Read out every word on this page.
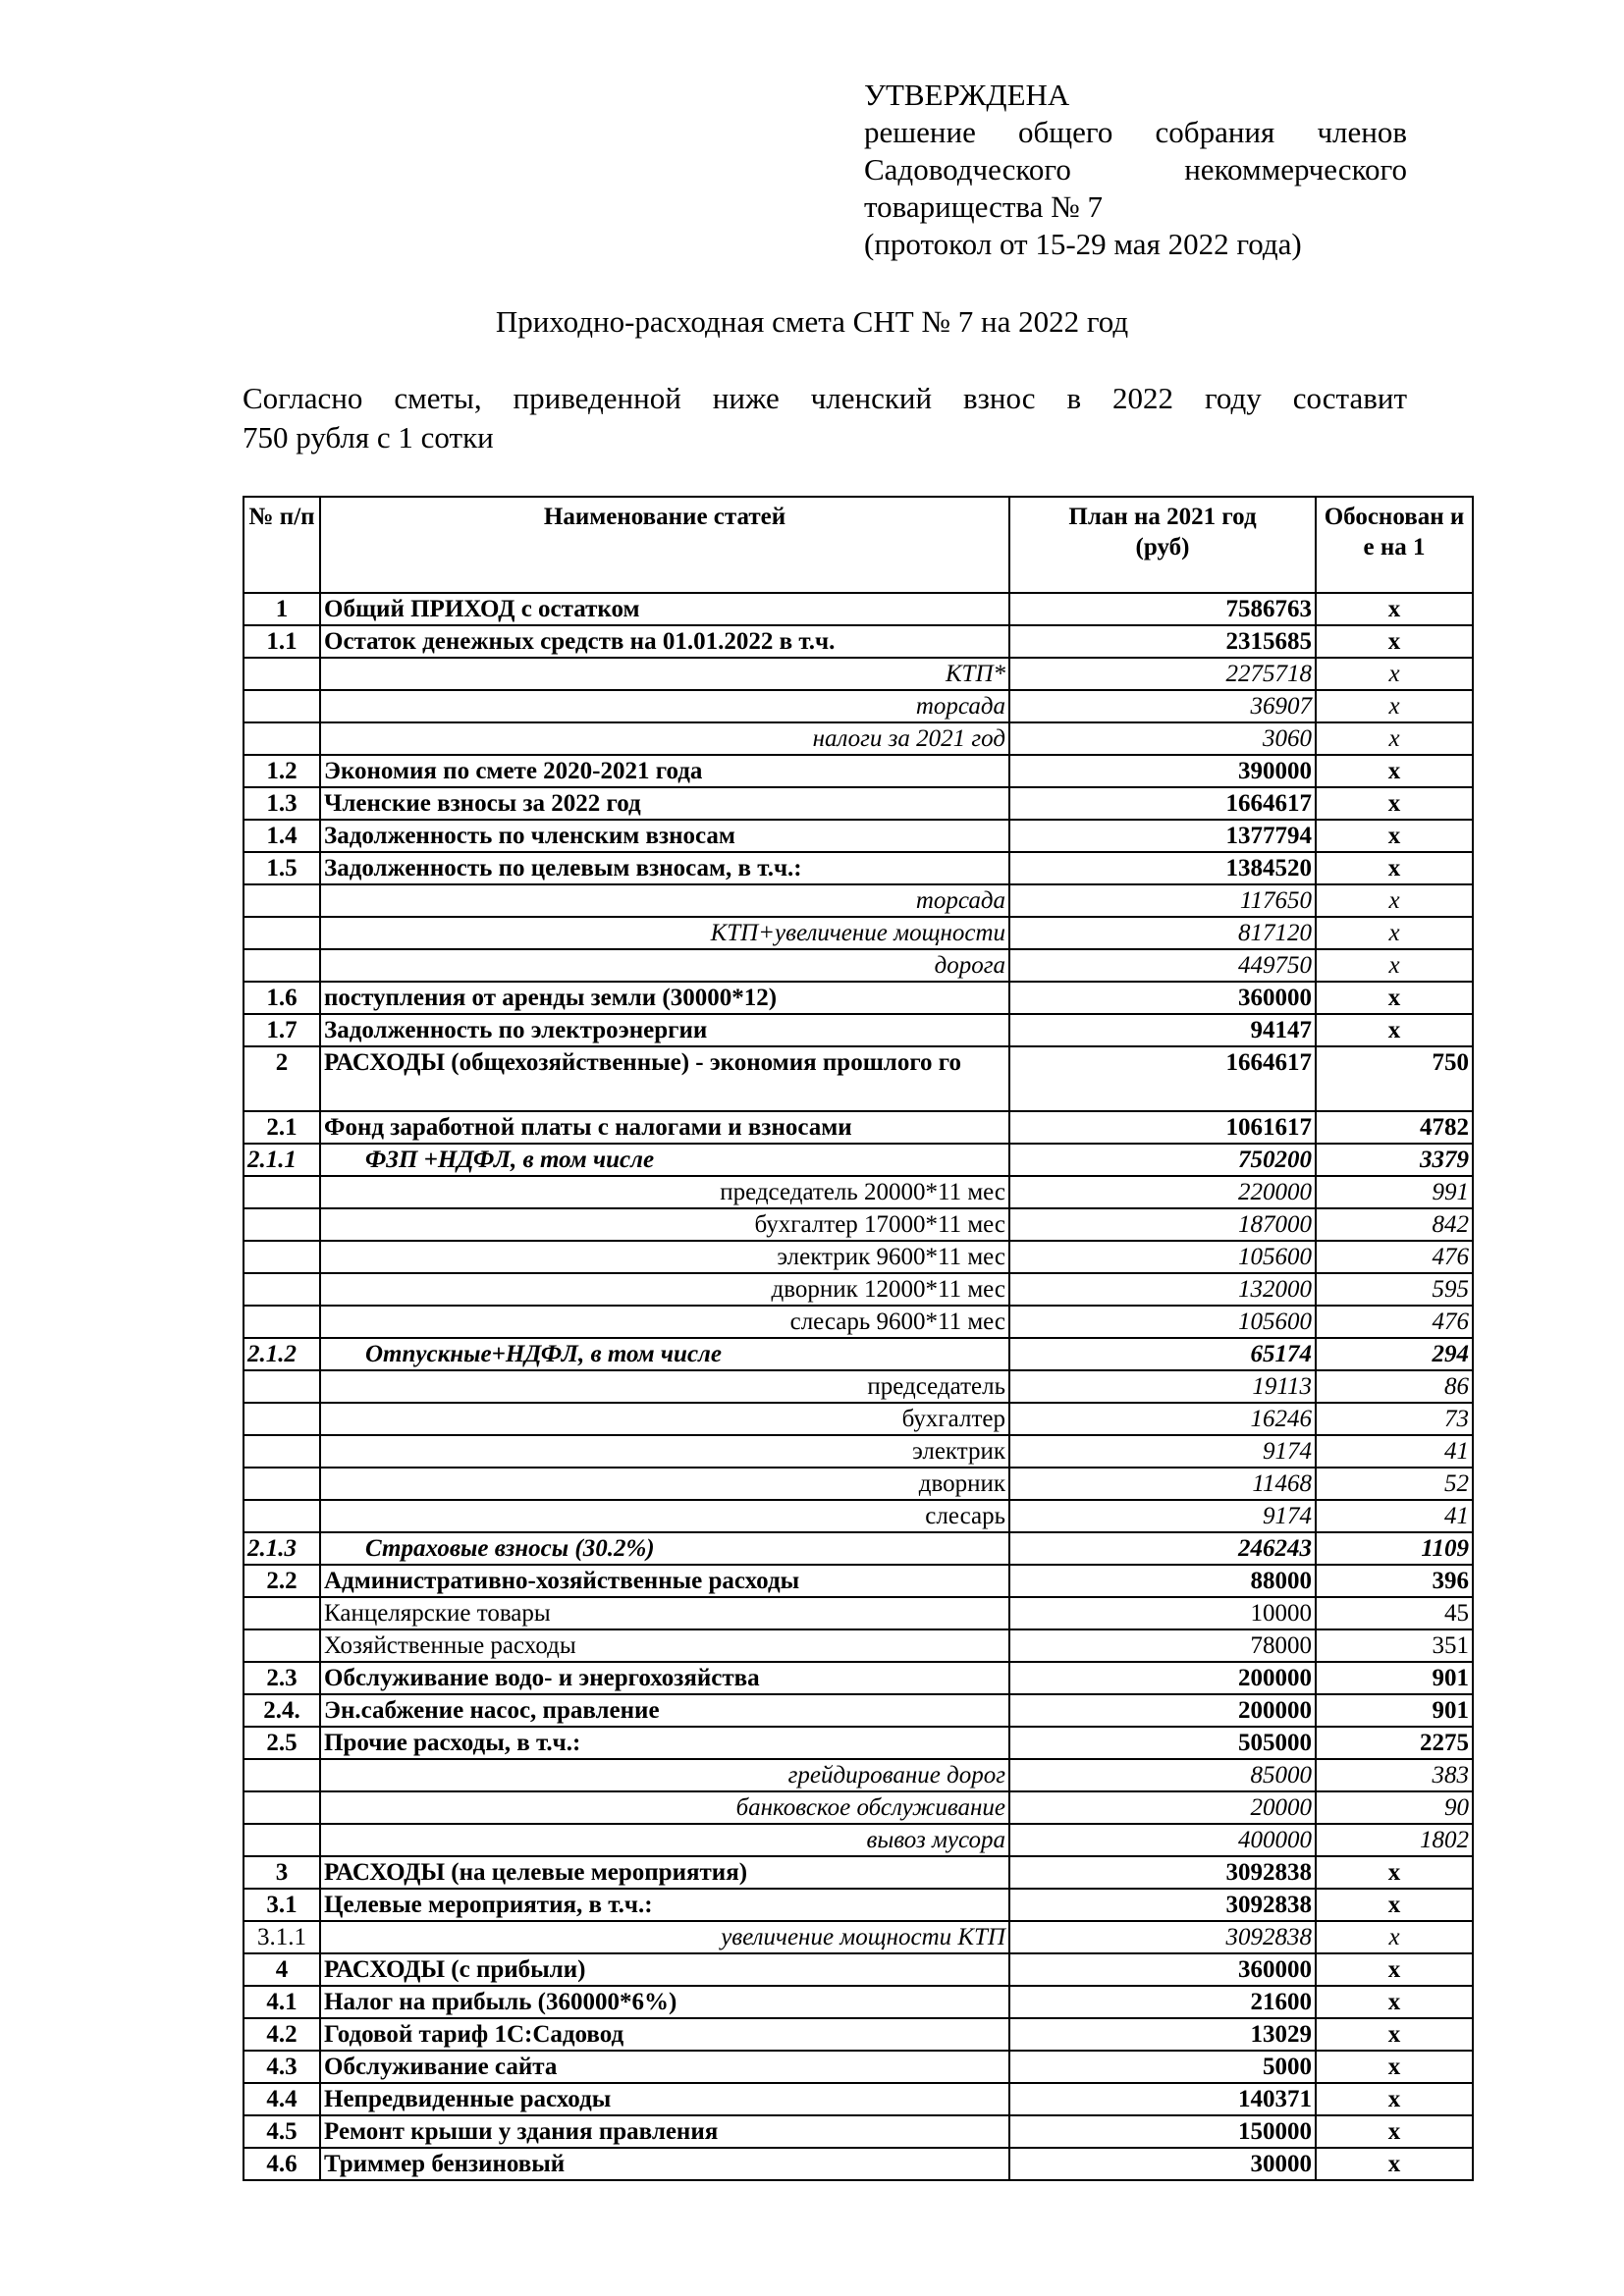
УТВЕРЖДЕНА
решение общего собрания членов
Садоводческого некоммерческого
товарищества № 7
(протокол от 15-29 мая 2022 года)
Приходно-расходная смета СНТ № 7 на 2022 год
Согласно сметы, приведенной ниже членский взнос в 2022 году составит
750 рубля с 1 сотки
№ п/п	Наименование статей	План на 2021 год (руб)	Обоснован и е на 1
1	Общий ПРИХОД с остатком	7586763	х
1.1	Остаток денежных средств на 01.01.2022 в т.ч.	2315685	х
	КТП*	2275718	х
	торсада	36907	х
	налоги за 2021 год	3060	х
1.2	Экономия по смете 2020-2021 года	390000	х
1.3	Членские взносы за 2022 год	1664617	х
1.4	Задолженность по членским взносам	1377794	х
1.5	Задолженность по целевым взносам, в т.ч.:	1384520	х
	торсада	117650	х
	КТП+увеличение мощности	817120	х
	дорога	449750	х
1.6	поступления от аренды земли (30000*12)	360000	х
1.7	Задолженность по электроэнергии	94147	х
2	РАСХОДЫ (общехозяйственные) - экономия прошлого го	1664617	750
2.1	Фонд заработной платы с налогами и взносами	1061617	4782
2.1.1	ФЗП +НДФЛ, в том числе	750200	3379
	председатель 20000*11 мес	220000	991
	бухгалтер 17000*11 мес	187000	842
	электрик 9600*11 мес	105600	476
	дворник 12000*11 мес	132000	595
	слесарь 9600*11 мес	105600	476
2.1.2	Отпускные+НДФЛ, в том числе	65174	294
	председатель	19113	86
	бухгалтер	16246	73
	электрик	9174	41
	дворник	11468	52
	слесарь	9174	41
2.1.3	Страховые взносы (30.2%)	246243	1109
2.2	Административно-хозяйственные расходы	88000	396
	Канцелярские товары	10000	45
	Хозяйственные расходы	78000	351
2.3	Обслуживание водо- и энергохозяйства	200000	901
2.4.	Эн.сабжение насос, правление	200000	901
2.5	Прочие расходы, в т.ч.:	505000	2275
	грейдирование дорог	85000	383
	банковское обслуживание	20000	90
	вывоз мусора	400000	1802
3	РАСХОДЫ (на целевые мероприятия)	3092838	х
3.1	Целевые мероприятия, в т.ч.:	3092838	х
3.1.1	увеличение мощности КТП	3092838	х
4	РАСХОДЫ (с прибыли)	360000	х
4.1	Налог на прибыль (360000*6%)	21600	х
4.2	Годовой тариф 1С:Садовод	13029	х
4.3	Обслуживание сайта	5000	х
4.4	Непредвиденные расходы	140371	х
4.5	Ремонт крыши у здания правления	150000	х
4.6	Триммер бензиновый	30000	х
